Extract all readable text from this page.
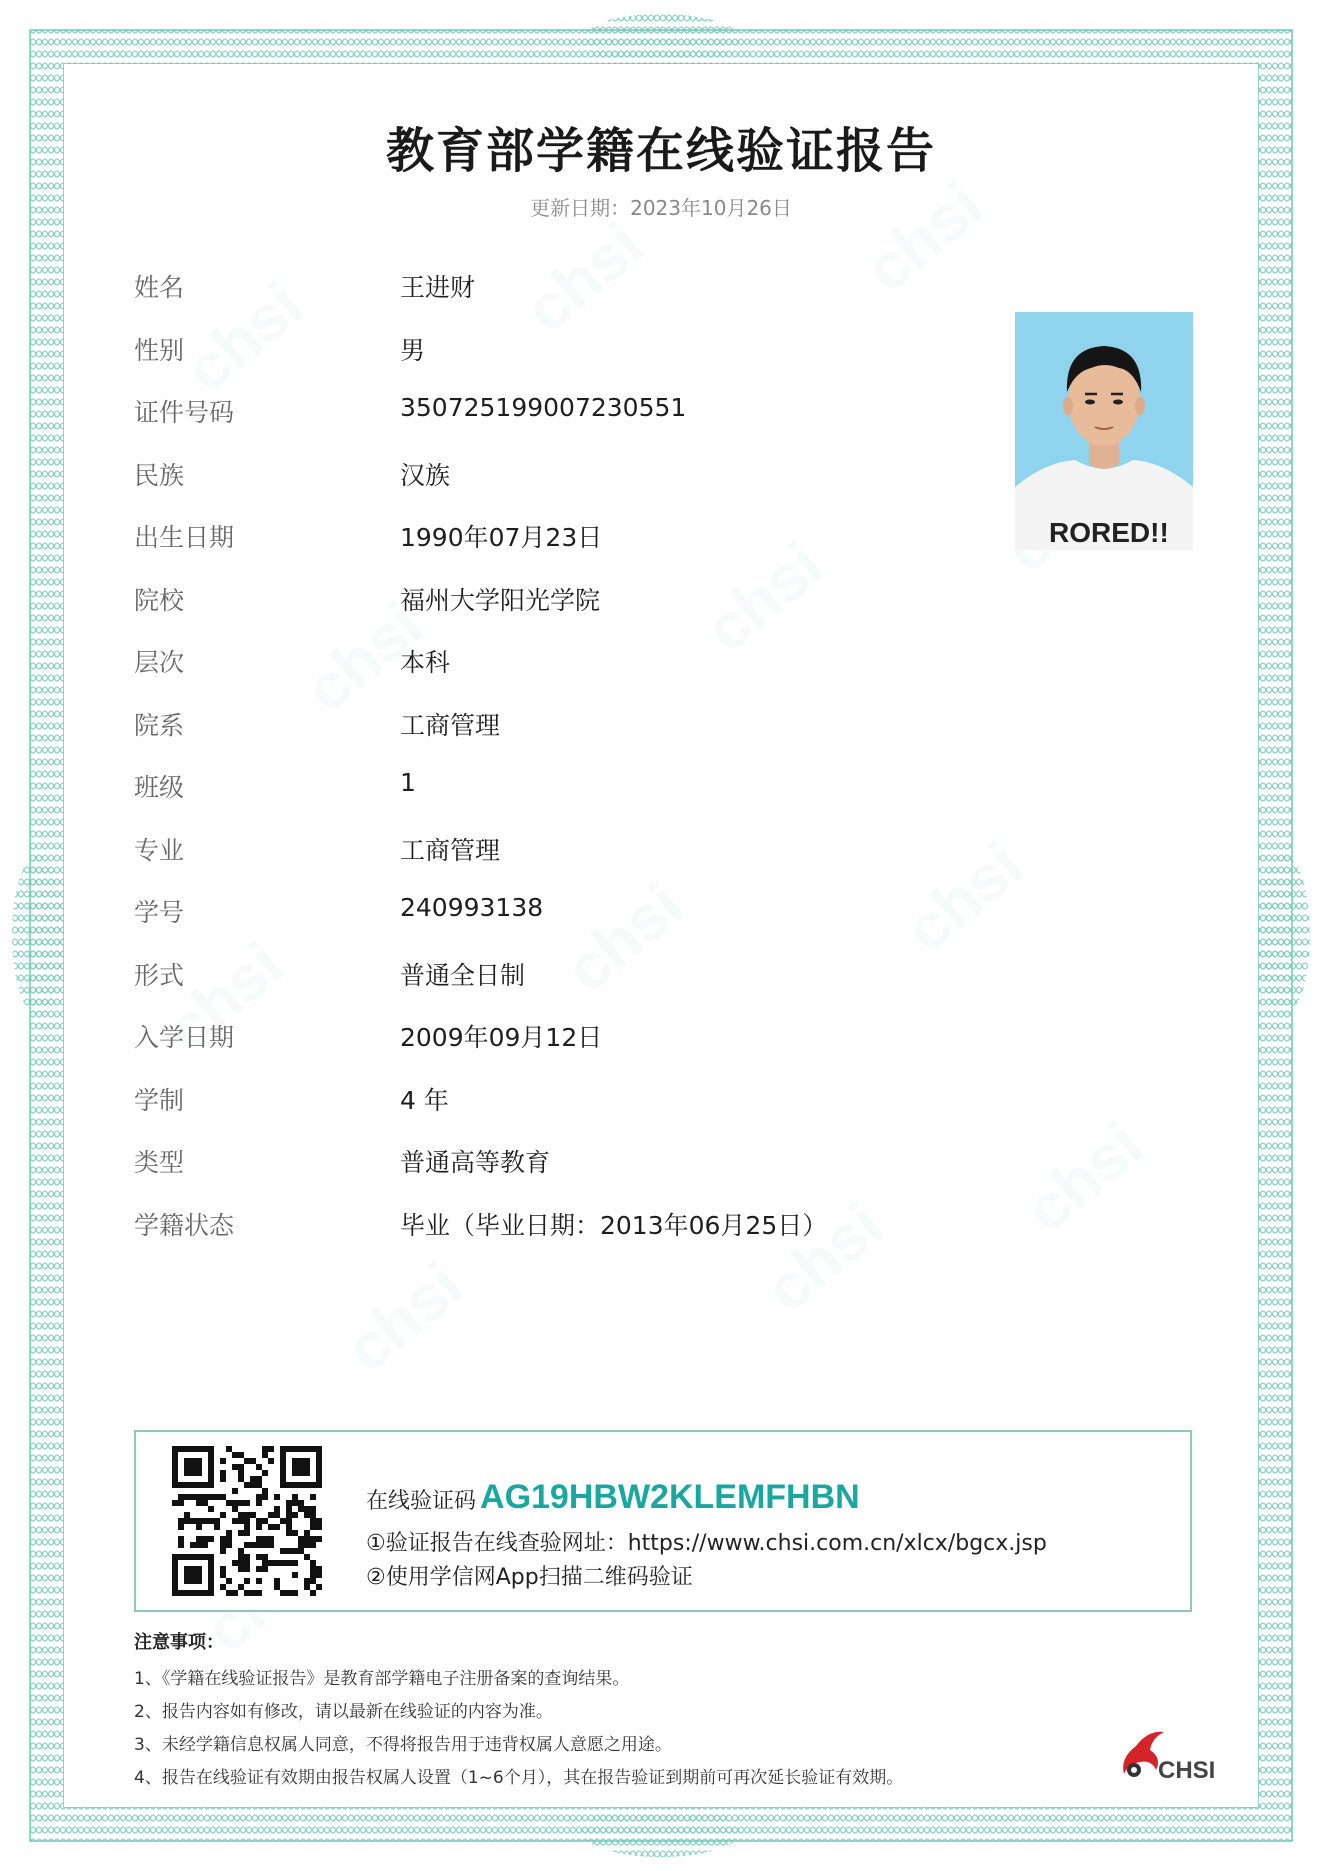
教育部学籍在线验证报告
更新日期：2023年10月26日
姓名	王进财
性别	男
证件号码	350725199007230551
民族	汉族
出生日期	1990年07月23日
院校	福州大学阳光学院
层次	本科
院系	工商管理
班级	1
专业	工商管理
学号	240993138
形式	普通全日制
入学日期	2009年09月12日
学制	4 年
类型	普通高等教育
学籍状态	毕业（毕业日期：2013年06月25日）
RORED!!
在线验证码 AG19HBW2KLEMFHBN
①验证报告在线查验网址：https://www.chsi.com.cn/xlcx/bgcx.jsp
②使用学信网App扫描二维码验证
注意事项：
1、《学籍在线验证报告》是教育部学籍电子注册备案的查询结果。
2、报告内容如有修改，请以最新在线验证的内容为准。
3、未经学籍信息权属人同意，不得将报告用于违背权属人意愿之用途。
4、报告在线验证有效期由报告权属人设置（1~6个月），其在报告验证到期前可再次延长验证有效期。	CHSI
